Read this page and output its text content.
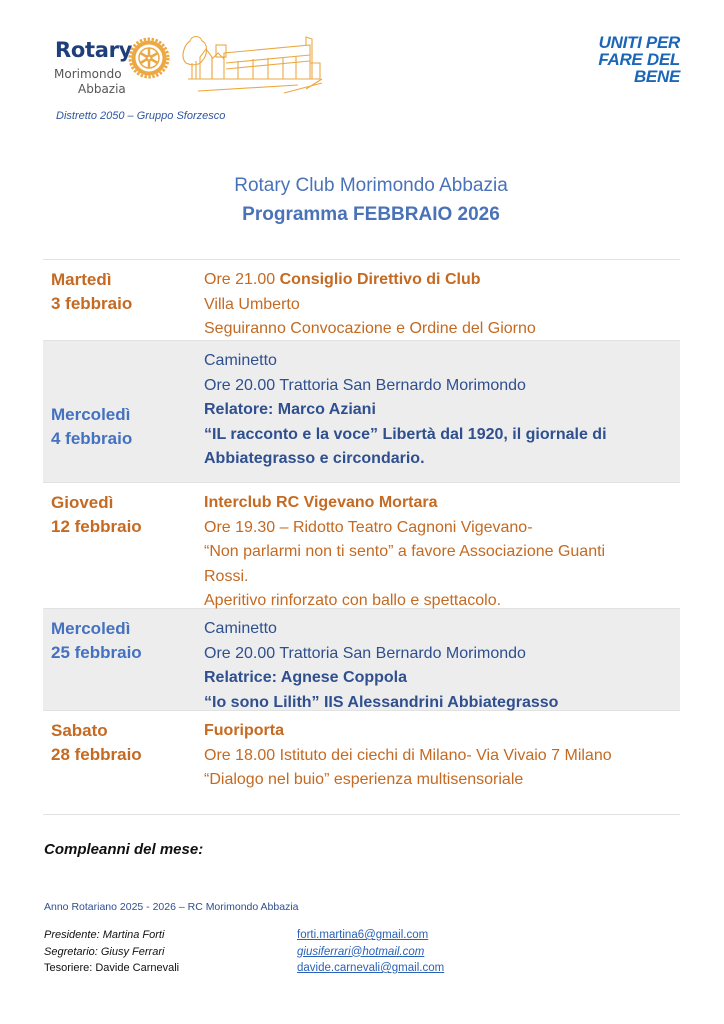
Rotary
Morimondo
Abbazia
Distretto 2050 – Gruppo Sforzesco
UNITI PER
FARE DEL
BENE
Rotary Club Morimondo Abbazia
Programma FEBBRAIO 2026
Martedì
3 febbraio
Ore 21.00 Consiglio Direttivo di Club
Villa Umberto
Seguiranno Convocazione e Ordine del Giorno
Mercoledì
4 febbraio
Caminetto
Ore 20.00 Trattoria San Bernardo Morimondo
Relatore: Marco Aziani
“IL racconto e la voce” Libertà dal 1920, il giornale di
Abbiategrasso e circondario.
Giovedì
12 febbraio
Interclub RC Vigevano Mortara
Ore 19.30 – Ridotto Teatro Cagnoni Vigevano-
“Non parlarmi non ti sento” a favore Associazione Guanti
Rossi.
Aperitivo rinforzato con ballo e spettacolo.
Mercoledì
25 febbraio
Caminetto
Ore 20.00 Trattoria San Bernardo Morimondo
Relatrice: Agnese Coppola
“Io sono Lilith” IIS Alessandrini Abbiategrasso
Sabato
28 febbraio
Fuoriporta
Ore 18.00 Istituto dei ciechi di Milano- Via Vivaio 7 Milano
“Dialogo nel buio” esperienza multisensoriale
Compleanni del mese:
Anno Rotariano 2025 - 2026 – RC Morimondo Abbazia
Presidente: Martina Forti
Segretario: Giusy Ferrari
Tesoriere: Davide Carnevali
forti.martina6@gmail.com
giusiferrari@hotmail.com
davide.carnevali@gmail.com
